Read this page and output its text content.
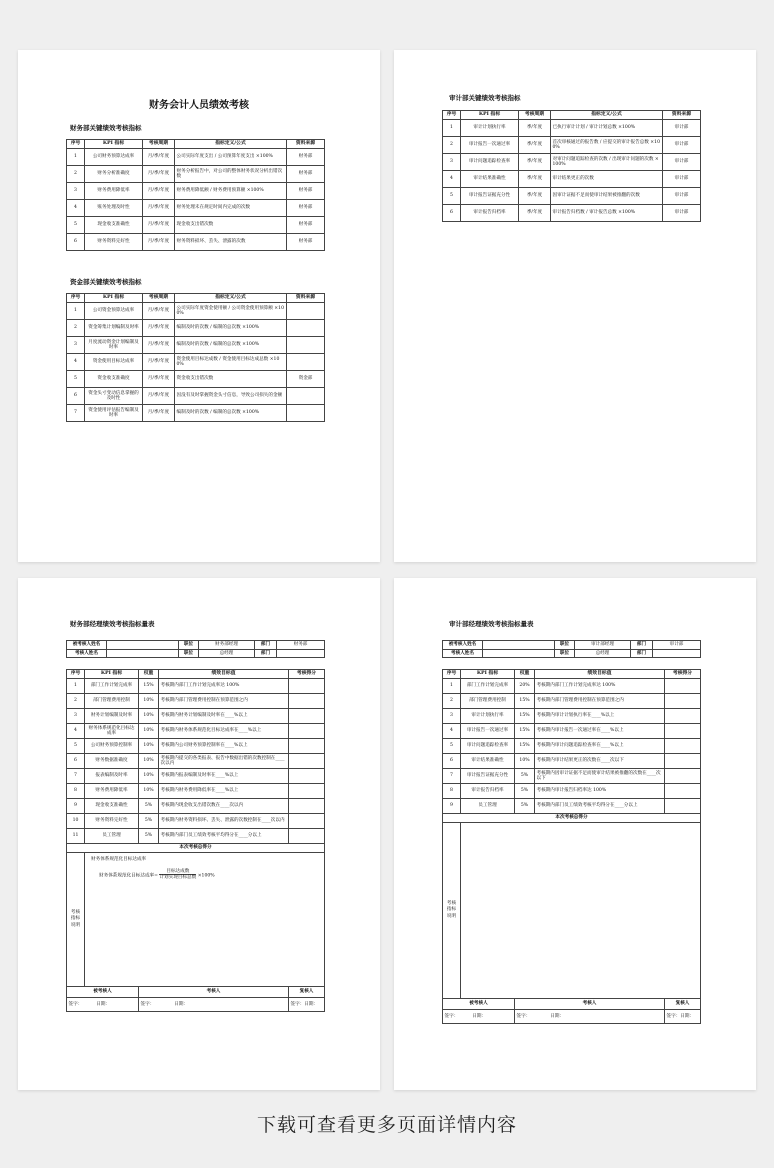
财务会计人员绩效考核
财务部关键绩效考核指标
序号	KPI 指标	考核周期	指标定义/公式	资料来源
1	公司财务预算达成率	月/季/年度	公司实际年度支出 / 公司预算年度支出 ×100%	财务部
2	财务分析准确度	月/季/年度	财务分析报告中，对公司的整体财务状况分析出错次数	财务部
3	财务费用降低率	月/季/年度	财务费用降低额 / 财务费用预算额 ×100%	财务部
4	账务处理及时性	月/季/年度	财务处理未在规定时间内完成的次数	财务部
5	现金收支准确性	月/季/年度	现金收支出错次数	财务部
6	财务资料完好性	月/季/年度	财务资料损坏、丢失、泄露的次数	财务部
资金部关键绩效考核指标
序号	KPI 指标	考核周期	指标定义/公式	资料来源
1	公司资金预算达成率	月/季/年度	公司实际年度资金使用额 / 公司资金使用预算额 ×100%	
2	资金筹集计划编制及时率	月/季/年度	编制及时的次数 / 编制的总次数 ×100%	
3	月度流动资金计划编制及时率	月/季/年度	编制及时的次数 / 编制的总次数 ×100%	
4	资金使用目标达成率	月/季/年度	资金使用目标达成数 / 资金使用目标达成总数 ×100%	
5	资金收支准确度	月/季/年度	资金收支出错次数	资金部
6	资金头寸变动信息掌握的及时性	月/季/年度	因没有及时掌握资金头寸信息，导致公司损失的金额	
7	资金使用评估报告编制及时率	月/季/年度	编制及时的次数 / 编制的总次数 ×100%	
审计部关键绩效考核指标
序号	KPI 指标	考核周期	指标定义/公式	资料来源
1	审计计划执行率	季/年度	已执行审计计划 / 审计计划总数 ×100%	审计部
2	审计报告一次通过率	季/年度	首次审核通过的报告数 / 应提交的审计报告总数 ×100%	审计部
3	审计问题追踪检查率	季/年度	对审计问题追踪检查的次数 / 出现审计问题的次数 ×100%	审计部
4	审计结果准确性	季/年度	审计结果更正的次数	审计部
5	审计报告证据充分性	季/年度	因审计证据不足而使审计结果被推翻的次数	审计部
6	审计报告归档率	季/年度	审计报告归档数 / 审计报告总数 ×100%	审计部
财务部经理绩效考核指标量表
被考核人姓名		职位	财务部经理	部门	财务部
考核人姓名		职位	总经理	部门	
序号	KPI 指标	权重	绩效目标值	考核得分
1	部门工作计划完成率	15%	考核期内部门工作计划完成率达 100%	
2	部门管理费用控制	10%	考核期内部门管理费用控制在预算范围之内	
3	财务计划编制及时率	10%	考核期内财务计划编制及时率在____%以上	
4	财务体系规范化目标达成率	10%	考核期内财务体系规范化目标达成率在____%以上	
5	公司财务预算控制率	10%	考核期内公司财务预算控制率在____%以上	
6	财务数据准确度	10%	考核期内提交的各类报表、报告中数据出错的次数控制在____次以内	
7	报表编制及时率	10%	考核期内报表编制及时率在____%以上	
8	财务费用降低率	10%	考核期内财务费用降低率在____%以上	
9	现金收支准确性	5%	考核期内现金收支出错次数在____次以内	
10	财务资料完好性	5%	考核期内财务资料损坏、丢失、泄露的次数控制在____次以内	
11	员工管理	5%	考核期内部门员工绩效考核平均得分在____分以上	
本次考核总得分				
考核指标说明	财务体系规范化目标达成率
财务体系规范化目标达成率= $\frac{\text{目标达成数}}{\text{计划实现目标总数}} \times 100\%$			

被考核人		考核人		复核人
签字： 日期：		签字： 日期：		签字：日期：
审计部经理绩效考核指标量表
被考核人姓名		职位	审计部经理	部门	审计部
考核人姓名		职位	总经理	部门	
序号	KPI 指标	权重	绩效目标值	考核得分
1	部门工作计划完成率	20%	考核期内部门工作计划完成率达 100%	
2	部门管理费用控制	15%	考核期内部门管理费用控制在预算范围之内	
3	审计计划执行率	15%	考核期内审计计划执行率在____%以上	
4	审计报告一次通过率	15%	考核期内审计报告一次通过率在____%以上	
5	审计问题追踪检查率	15%	考核期内审计问题追踪检查率在____%以上	
6	审计结果准确性	10%	考核期内审计结果更正的次数在____次以下	
7	审计报告证据充分性	5%	考核期内因审计证据不足而使审计结果被推翻的次数在____次以下	
8	审计报告归档率	5%	考核期内审计报告归档率达 100%	
9	员工管理	5%	考核期内部门员工绩效考核平均得分在____分以上	
本次考核总得分				
考核指标说明				
被考核人		考核人		复核人
签字： 日期：		签字： 日期：		签字：日期：
下载可查看更多页面详情内容
